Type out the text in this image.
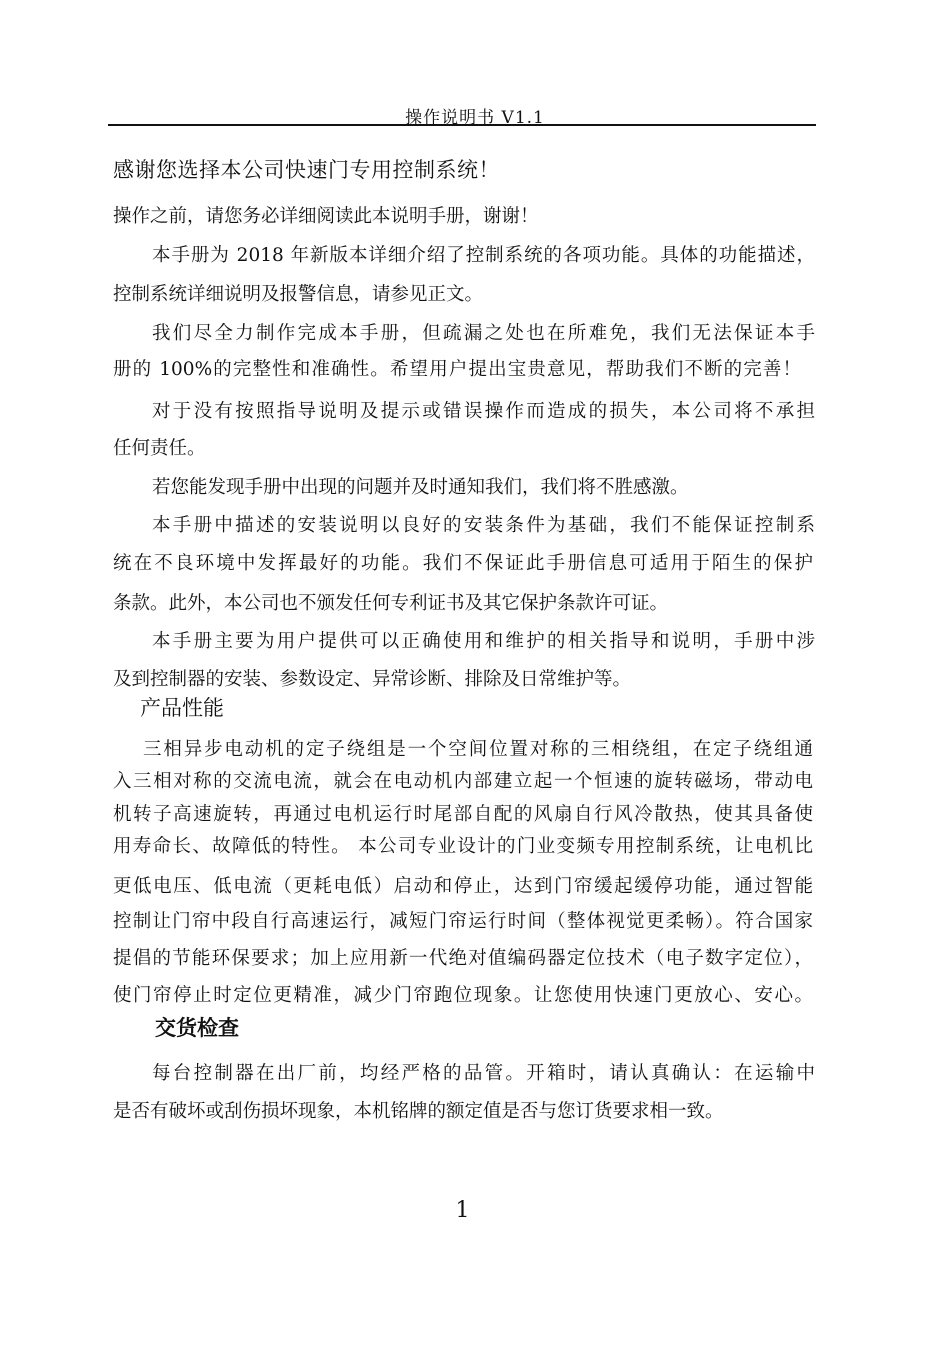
操作说明书 V1.1
感谢您选择本公司快速门专用控制系统！
操作之前，请您务必详细阅读此本说明手册，谢谢！
本手册为 2018 年新版本详细介绍了控制系统的各项功能。具体的功能描述，
控制系统详细说明及报警信息，请参见正文。
我们尽全力制作完成本手册，但疏漏之处也在所难免，我们无法保证本手
册的 100%的完整性和准确性。希望用户提出宝贵意见，帮助我们不断的完善！
对于没有按照指导说明及提示或错误操作而造成的损失，本公司将不承担
任何责任。
若您能发现手册中出现的问题并及时通知我们，我们将不胜感激。
本手册中描述的安装说明以良好的安装条件为基础，我们不能保证控制系
统在不良环境中发挥最好的功能。我们不保证此手册信息可适用于陌生的保护
条款。此外，本公司也不颁发任何专利证书及其它保护条款许可证。
本手册主要为用户提供可以正确使用和维护的相关指导和说明，手册中涉
及到控制器的安装、参数设定、异常诊断、排除及日常维护等。
产品性能
三相异步电动机的定子绕组是一个空间位置对称的三相绕组，在定子绕组通
入三相对称的交流电流，就会在电动机内部建立起一个恒速的旋转磁场，带动电
机转子高速旋转，再通过电机运行时尾部自配的风扇自行风冷散热，使其具备使
用寿命长、故障低的特性。 本公司专业设计的门业变频专用控制系统，让电机比
更低电压、低电流（更耗电低）启动和停止，达到门帘缓起缓停功能，通过智能
控制让门帘中段自行高速运行，减短门帘运行时间（整体视觉更柔畅）。符合国家
提倡的节能环保要求；加上应用新一代绝对值编码器定位技术（电子数字定位），
使门帘停止时定位更精准，减少门帘跑位现象。让您使用快速门更放心、安心。
交货检查
每台控制器在出厂前，均经严格的品管。开箱时，请认真确认：在运输中
是否有破坏或刮伤损坏现象，本机铭牌的额定值是否与您订货要求相一致。
1
